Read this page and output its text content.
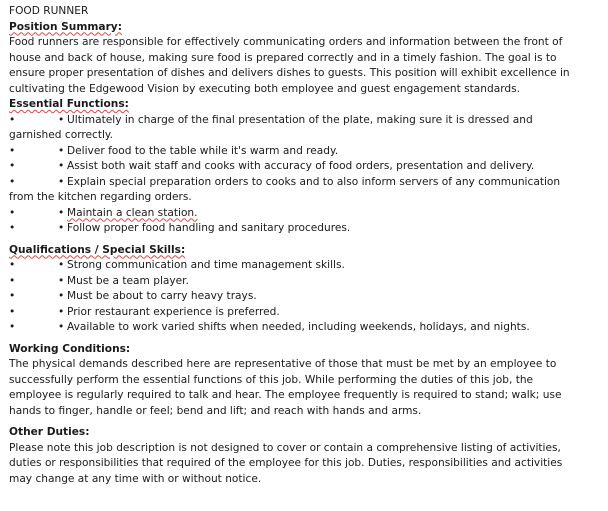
FOOD RUNNER
Position Summary:

Food runners are responsible for effectively communicating orders and information between the front of house and back of house, making sure food is prepared correctly and in a timely fashion. The goal is to ensure proper presentation of dishes and delivers dishes to guests. This position will exhibit excellence in cultivating the Edgewood Vision by executing both employee and guest engagement standards.

Essential Functions:
•	• Ultimately in charge of the final presentation of the plate, making sure it is dressed and garnished correctly.
•	• Deliver food to the table while it's warm and ready.
•	• Assist both wait staff and cooks with accuracy of food orders, presentation and delivery.
•	• Explain special preparation orders to cooks and to also inform servers of any communication from the kitchen regarding orders.
•	• Maintain a clean station.
•	• Follow proper food handling and sanitary procedures.
Qualifications / Special Skills:
•	• Strong communication and time management skills.
•	• Must be a team player.
•	• Must be about to carry heavy trays.
•	• Prior restaurant experience is preferred.
•	• Available to work varied shifts when needed, including weekends, holidays, and nights.
Working Conditions:

The physical demands described here are representative of those that must be met by an employee to successfully perform the essential functions of this job. While performing the duties of this job, the employee is regularly required to talk and hear. The employee frequently is required to stand; walk; use hands to finger, handle or feel; bend and lift; and reach with hands and arms.

Other Duties:

Please note this job description is not designed to cover or contain a comprehensive listing of activities, duties or responsibilities that required of the employee for this job. Duties, responsibilities and activities may change at any time with or without notice.
